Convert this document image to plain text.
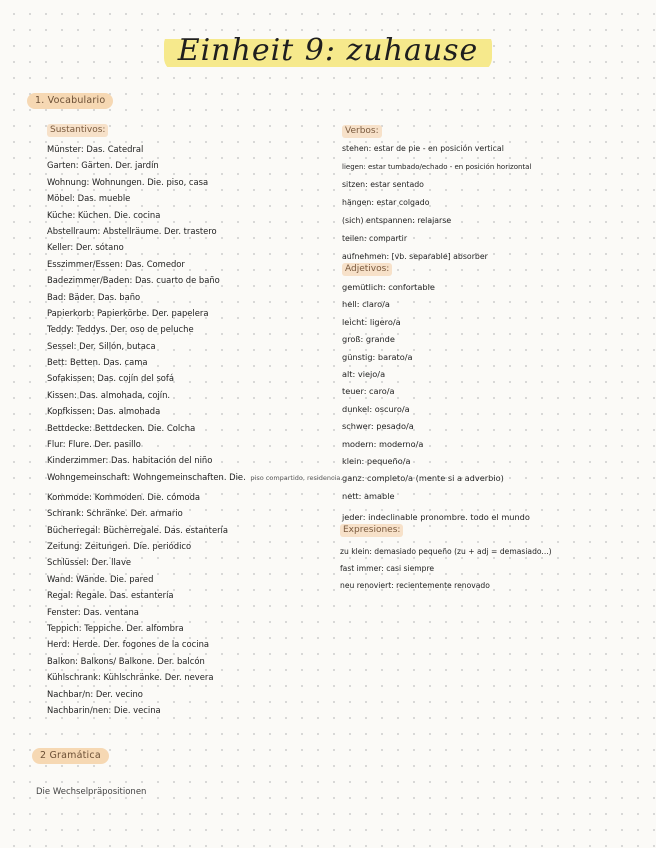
Einheit 9: zuhause
1. Vocabulario
Sustantivos:
Münster: Das. Catedral
Garten: Gärten. Der. jardín
Wohnung: Wohnungen. Die. piso, casa
Möbel: Das. mueble
Küche: Küchen. Die. cocina
Abstellraum: Abstellräume. Der. trastero
Keller: Der. sótano
Esszimmer/Essen: Das. Comedor
Badezimmer/Baden: Das. cuarto de baño
Bad: Bäder. Das. baño
Papierkorb: Papierkörbe. Der. papelera
Teddy: Teddys. Der. oso de peluche
Sessel: Der. Sillón, butaca
Bett: Betten. Das. cama
Sofakissen: Das. cojín del sofá
Kissen: Das. almohada, cojín.
Kopfkissen: Das. almohada
Bettdecke: Bettdecken. Die. Colcha
Flur: Flure. Der. pasillo
Kinderzimmer: Das. habitación del niño
Wohngemeinschaft: Wohngemeinschaften. Die. piso compartido, residencia.
Kommode: Kommoden. Die. cómoda
Schrank: Schränke. Der. armario
Bücherregal: Bücherregale. Das. estantería
Zeitung: Zeitungen. Die. periódico
Schlüssel: Der. llave
Wand: Wände. Die. pared
Regal: Regale. Das. estantería
Fenster: Das. ventana
Teppich: Teppiche. Der. alfombra
Herd: Herde. Der. fogones de la cocina
Balkon: Balkons/ Balkone. Der. balcón
Kühlschrank: Kühlschränke. Der. nevera
Nachbar/n: Der. vecino
Nachbarin/nen: Die. vecina
Verbos:
stehen: estar de pie - en posición vertical
liegen: estar tumbado/echado - en posición horizontal
sitzen: estar sentado
hängen: estar colgado
(sich) entspannen: relajarse
teilen: compartir
aufnehmen: [vb. separable] absorber
Adjetivos:
gemütlich: confortable
hell: claro/a
leicht: ligero/a
groß: grande
günstig: barato/a
alt: viejo/a
teuer: caro/a
dunkel: oscuro/a
schwer: pesado/a
modern: moderno/a
klein: pequeño/a
ganz: completo/a (mente si a adverbio)
nett: amable
jeder: indeclinable pronombre. todo el mundo
Expresiones:
zu klein: demasiado pequeño (zu + adj = demasiado...)
fast immer: casi siempre
neu renoviert: recientemente renovado
2 Gramática
Die Wechselpräpositionen
